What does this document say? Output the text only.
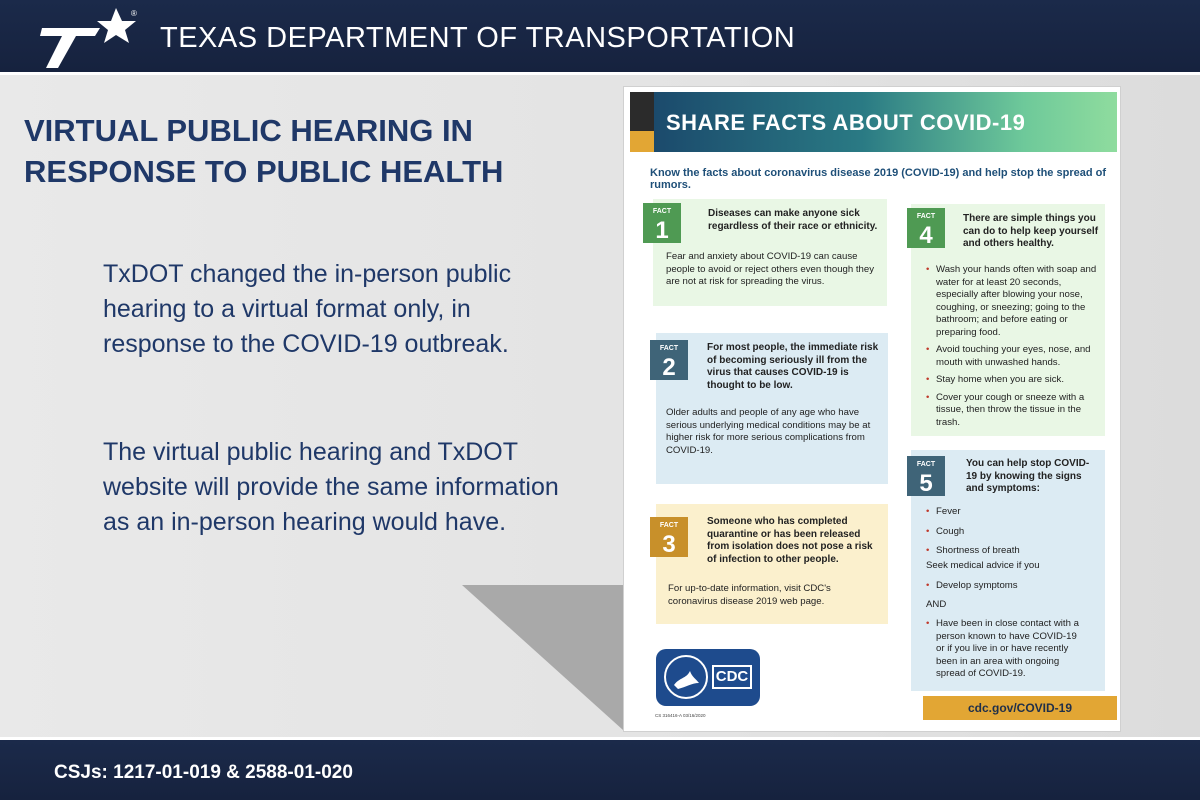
®
TEXAS DEPARTMENT OF TRANSPORTATION
VIRTUAL PUBLIC HEARING IN RESPONSE TO PUBLIC HEALTH
TxDOT changed the in-person public hearing to a virtual format only, in response to the COVID-19 outbreak.
The virtual public hearing and TxDOT website will provide the same information as an in-person hearing would have.
SHARE FACTS ABOUT COVID-19
Know the facts about coronavirus disease 2019 (COVID-19) and help stop the spread of rumors.
FACT
1
Diseases can make anyone sick regardless of their race or ethnicity.
Fear and anxiety about COVID-19 can cause people to avoid or reject others even though they are not at risk for spreading the virus.
FACT
2
For most people, the immediate risk of becoming seriously ill from the virus that causes COVID-19 is thought to be low.
Older adults and people of any age who have serious underlying medical conditions may be at higher risk for more serious complications from COVID-19.
FACT
3
Someone who has completed quarantine or has been released from isolation does not pose a risk of infection to other people.
For up-to-date information, visit CDC's coronavirus disease 2019 web page.
FACT
4
There are simple things you can do to help keep yourself and others healthy.
• Wash your hands often with soap and water for at least 20 seconds, especially after blowing your nose, coughing, or sneezing; going to the bathroom; and before eating or preparing food.
• Avoid touching your eyes, nose, and mouth with unwashed hands.
• Stay home when you are sick.
• Cover your cough or sneeze with a tissue, then throw the tissue in the trash.
FACT
5
You can help stop COVID-19 by knowing the signs and symptoms:
• Fever
• Cough
• Shortness of breath
Seek medical advice if you
• Develop symptoms
AND
• Have been in close contact with a person known to have COVID-19 or if you live in or have recently been in an area with ongoing spread of COVID-19.
CDC
CS 316416-A 03/16/2020
cdc.gov/COVID-19
CSJs: 1217-01-019 & 2588-01-020
